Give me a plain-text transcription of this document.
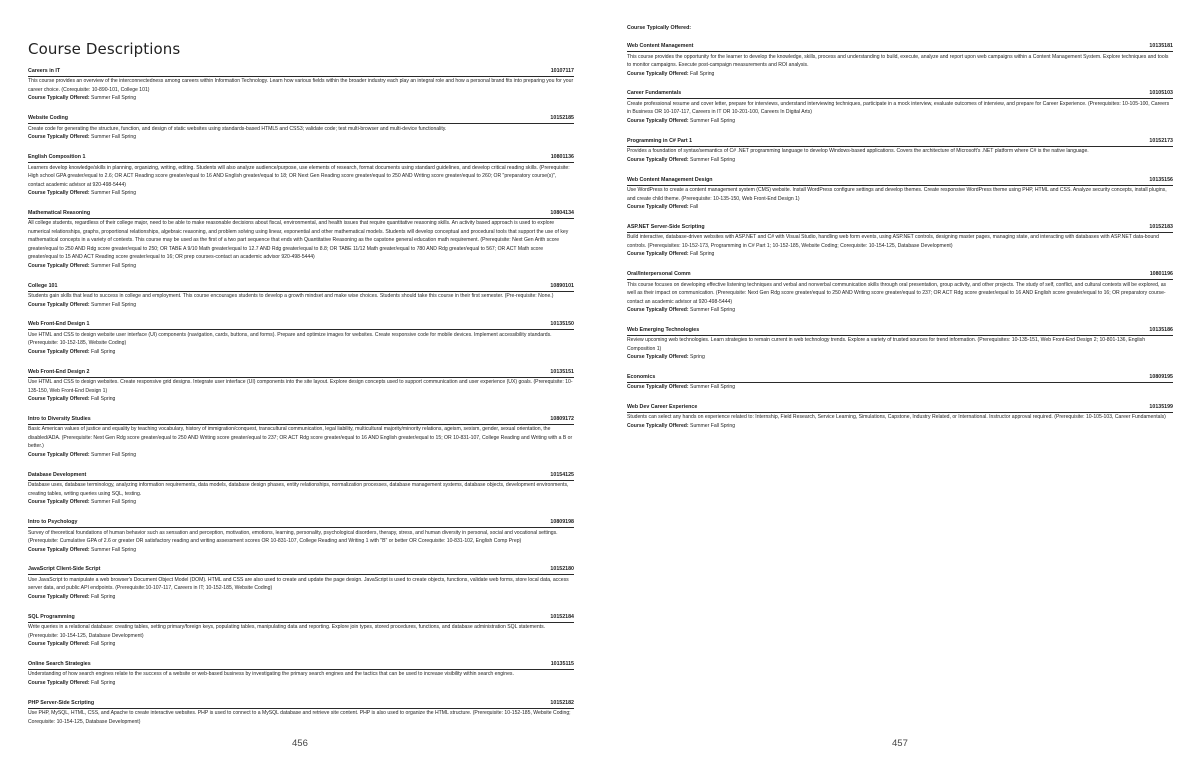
Course Descriptions
Careers in IT	10107117

This course provides an overview of the interconnectedness among careers within Information Technology. Learn how various fields within the broader industry each play an integral role and how a personal brand fits into preparing you for your career choice. (Corequisite: 10-890-101, College 101)

Course Typically Offered: Summer Fall Spring

Website Coding	10152185

Create code for generating the structure, function, and design of static websites using standards-based HTML5 and CSS3; validate code; test multi-browser and multi-device functionality.

Course Typically Offered: Summer Fall Spring

English Composition 1	10801136

Learners develop knowledge/skills in planning, organizing, writing, editing. Students will also analyze audience/purpose, use elements of research, format documents using standard guidelines, and develop critical reading skills. (Prerequisite: High school GPA greater/equal to 2.6; OR ACT Reading score greater/equal to 16 AND English greater/equal to 18; OR Next Gen Reading score greater/equal to 250 AND Writing score greater/equal to 260; OR "preparatory course(s)", contact academic advisor at 920-498-5444)

Course Typically Offered: Summer Fall Spring

Mathematical Reasoning	10804134

All college students, regardless of their college major, need to be able to make reasonable decisions about fiscal, environmental, and health issues that require quantitative reasoning skills. An activity based approach is used to explore numerical relationships, graphs, proportional relationships, algebraic reasoning, and problem solving using linear, exponential and other mathematical models. Students will develop conceptual and procedural tools that support the use of key mathematical concepts in a variety of contexts. This course may be used as the first of a two part sequence that ends with Quantitative Reasoning as the capstone general education math requirement. (Prerequisite: Next Gen Arith score greater/equal to 250 AND Rdg score greater/equal to 250; OR TABE A 9/10 Math greater/equal to 12.7 AND Rdg greater/equal to 8.8; OR TABE 11/12 Math greater/equal to 780 AND Rdg greater/equal to 567; OR ACT Math score greater/equal to 15 AND ACT Reading score greater/equal to 16; OR prep courses-contact an academic advisor 920-498-5444)

Course Typically Offered: Summer Fall Spring

College 101	10890101

Students gain skills that lead to success in college and employment. This course encourages students to develop a growth mindset and make wise choices. Students should take this course in their first semester. (Pre-requisite: None.)

Course Typically Offered: Summer Fall Spring

Web Front-End Design 1	10135150

Use HTML and CSS to design website user interface (UI) components (navigation, cards, buttons, and forms). Prepare and optimize images for websites. Create responsive code for mobile devices. Implement accessibility standards. (Prerequisite: 10-152-185, Website Coding)

Course Typically Offered: Fall Spring

Web Front-End Design 2	10135151

Use HTML and CSS to design websites. Create responsive grid designs. Integrate user interface (UI) components into the site layout. Explore design concepts used to support communication and user experience (UX) goals. (Prerequisite: 10-135-150, Web Front-End Design 1)

Course Typically Offered: Fall Spring

Intro to Diversity Studies	10809172

Basic American values of justice and equality by teaching vocabulary, history of immigration/conquest, transcultural communication, legal liability, multicultural majority/minority relations, ageism, sexism, gender, sexual orientation, the disabled/ADA. (Prerequisite: Next Gen Rdg score greater/equal to 250 AND Writing score greater/equal to 237; OR ACT Rdg score greater/equal to 16 AND English greater/equal to 15; OR 10-831-107, College Reading and Writing with a B or better.)

Course Typically Offered: Summer Fall Spring

Database Development	10154125

Database uses, database terminology, analyzing information requirements, data models, database design phases, entity relationships, normalization processes, database management systems, database objects, development environments, creating tables, writing queries using SQL, testing.

Course Typically Offered: Summer Fall Spring

Intro to Psychology	10809198

Survey of theoretical foundations of human behavior such as sensation and perception, motivation, emotions, learning, personality, psychological disorders, therapy, stress, and human diversity in personal, social and vocational settings. (Prerequisite: Cumulative GPA of 2.6 or greater OR satisfactory reading and writing assessment scores OR 10-831-107, College Reading and Writing 1 with "B" or better OR Corequisite: 10-831-102, English Comp Prep)

Course Typically Offered: Summer Fall Spring

JavaScript Client-Side Script	10152180

Use JavaScript to manipulate a web browser's Document Object Model (DOM). HTML and CSS are also used to create and update the page design. JavaScript is used to create objects, functions, validate web forms, store local data, access server data, and public API endpoints. (Prerequisite:10-107-117, Careers in IT; 10-152-185, Website Coding)

Course Typically Offered: Fall Spring

SQL Programming	10152184

Write queries in a relational database: creating tables, setting primary/foreign keys, populating tables, manipulating data and reporting. Explore join types, stored procedures, functions, and database administration SQL statements. (Prerequisite: 10-154-125, Database Development)

Course Typically Offered: Fall Spring

Online Search Strategies	10135115

Understanding of how search engines relate to the success of a website or web-based business by investigating the primary search engines and the tactics that can be used to increase visibility within search engines.

Course Typically Offered: Fall Spring

PHP Server-Side Scripting	10152182

Use PHP, MySQL, HTML, CSS, and Apache to create interactive websites. PHP is used to connect to a MySQL database and retrieve site content. PHP is also used to organize the HTML structure. (Prerequisite: 10-152-185, Website Coding; Corequisite: 10-154-125, Database Development)

456

Course Typically Offered:

Web Content Management	10135181

This course provides the opportunity for the learner to develop the knowledge, skills, process and understanding to build, execute, analyze and report upon web campaigns within a Content Management System. Explore techniques and tools to monitor campaigns. Execute post-campaign measurements and ROI analysis.

Course Typically Offered: Fall Spring

Career Fundamentals	10105103

Create professional resume and cover letter, prepare for interviews, understand interviewing techniques, participate in a mock interview, evaluate outcomes of interview, and prepare for Career Experience. (Prerequisites: 10-105-100, Careers in Business OR 10-107-117, Careers in IT OR 10-201-100, Careers In Digital Arts)

Course Typically Offered: Summer Fall Spring

Programming in C# Part 1	10152173

Provides a foundation of syntax/semantics of C# .NET programming language to develop Windows-based applications. Covers the architecture of Microsoft's .NET platform where C# is the native language.

Course Typically Offered: Summer Fall Spring

Web Content Management Design	10135156

Use WordPress to create a content management system (CMS) website. Install WordPress configure settings and develop themes. Create responsive WordPress theme using PHP, HTML and CSS. Analyze security concepts, install plugins, and create child theme. (Prerequisite: 10-135-150, Web Front-End Design 1)

Course Typically Offered: Fall

ASP.NET Server-Side Scripting	10152183

Build interactive, database-driven websites with ASP.NET and C# with Visual Studio, handling web form events, using ASP.NET controls, designing master pages, managing state, and interacting with databases with ASP.NET data-bound controls. (Prerequisites: 10-152-173, Programming in C# Part 1; 10-152-185, Website Coding; Corequisite: 10-154-125, Database Development)

Course Typically Offered: Fall Spring

Oral/Interpersonal Comm	10801196

This course focuses on developing effective listening techniques and verbal and nonverbal communication skills through oral presentation, group activity, and other projects. The study of self, conflict, and cultural contexts will be explored, as well as their impact on communication. (Prerequisite: Next Gen Rdg score greater/equal to 250 AND Writing score greater/equal to 237; OR ACT Rdg score greater/equal to 16 AND English score greater/equal to 16; OR preparatory course-contact an academic advisor at 920-498-5444)

Course Typically Offered: Summer Fall Spring

Web Emerging Technologies	10135186

Review upcoming web technologies. Learn strategies to remain current in web technology trends. Explore a variety of trusted sources for trend information. (Prerequisites: 10-135-151, Web Front-End Design 2; 10-801-136, English Composition 1)

Course Typically Offered: Spring

Economics	10809195

Course Typically Offered: Summer Fall Spring

Web Dev Career Experience	10135199

Students can select any hands on experience related to: Internship, Field Research, Service Learning, Simulations, Capstone, Industry Related, or International. Instructor approval required. (Prerequisite: 10-105-103, Career Fundamentals)

Course Typically Offered: Summer Fall Spring

457
